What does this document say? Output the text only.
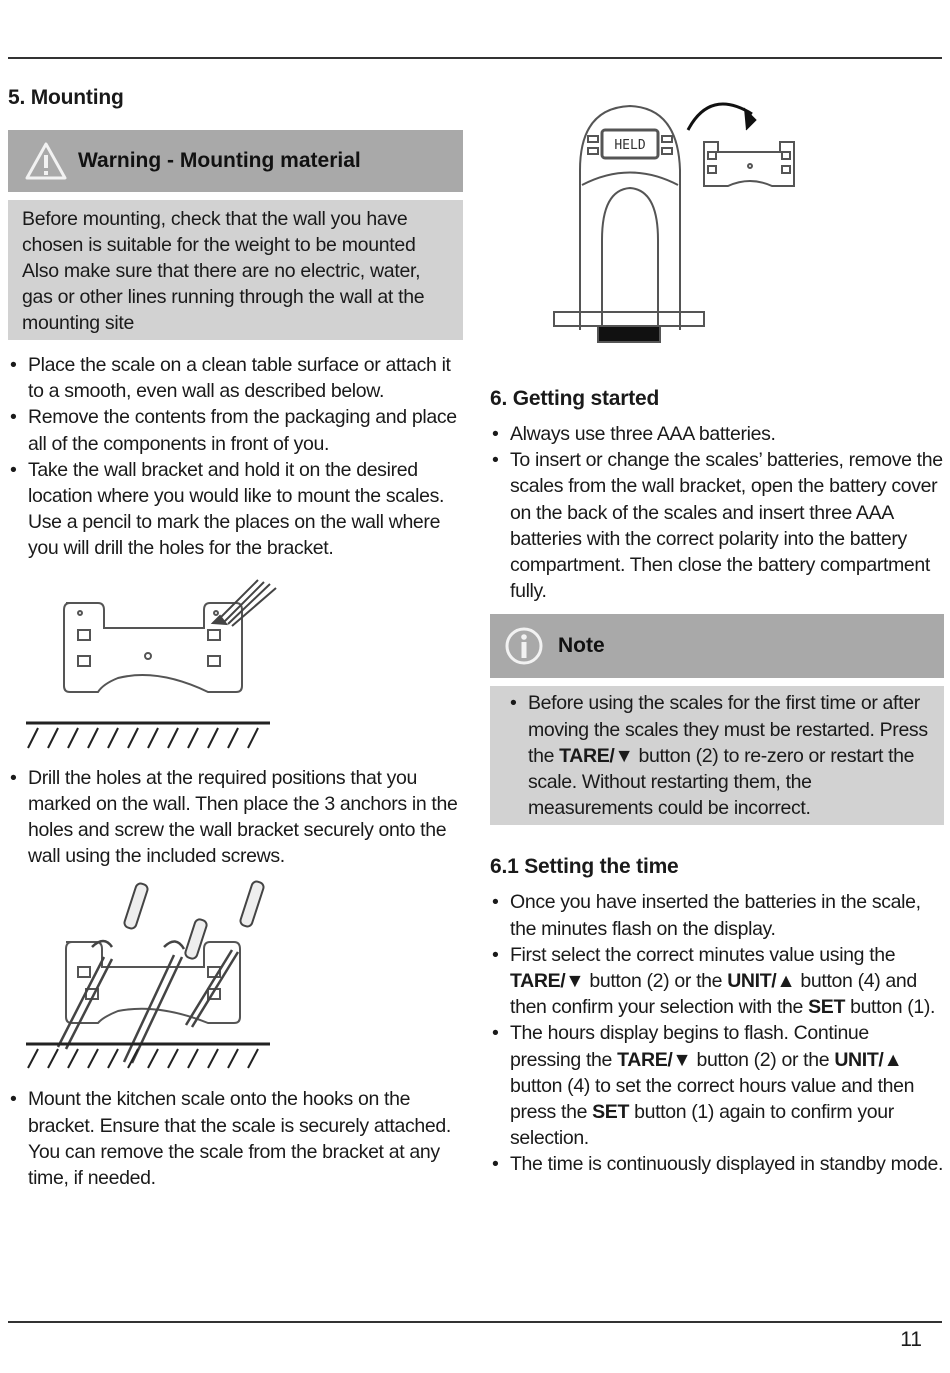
5. Mounting
Warning - Mounting material
Before mounting, check that the wall you have chosen is suitable for the weight to be mounted Also make sure that there are no electric, water, gas or other lines running through the wall at the mounting site
• Place the scale on a clean table surface or attach it to a smooth, even wall as described below.
• Remove the contents from the packaging and place all of the components in front of you.
• Take the wall bracket and hold it on the desired location where you would like to mount the scales. Use a pencil to mark the places on the wall where you will drill the holes for the bracket.
• Drill the holes at the required positions that you marked on the wall. Then place the 3 anchors in the holes and screw the wall bracket securely onto the wall using the included screws.
• Mount the kitchen scale onto the hooks on the bracket. Ensure that the scale is securely attached. You can remove the scale from the bracket at any time, if needed.
HELD
6. Getting started
• Always use three AAA batteries.
• To insert or change the scales’ batteries, remove the scales from the wall bracket, open the battery cover on the back of the scales and insert three AAA batteries with the correct polarity into the battery compartment. Then close the battery compartment fully.
Note
• Before using the scales for the first time or after moving the scales they must be restarted. Press the TARE/▼ button (2) to re-zero or restart the scale. Without restarting them, the measurements could be incorrect.
6.1 Setting the time
• Once you have inserted the batteries in the scale, the minutes flash on the display.
• First select the correct minutes value using the TARE/▼ button (2) or the UNIT/▲ button (4) and then confirm your selection with the SET button (1).
• The hours display begins to flash. Continue pressing the TARE/▼ button (2) or the UNIT/▲ button (4) to set the correct hours value and then press the SET button (1) again to confirm your selection.
• The time is continuously displayed in standby mode.
11
